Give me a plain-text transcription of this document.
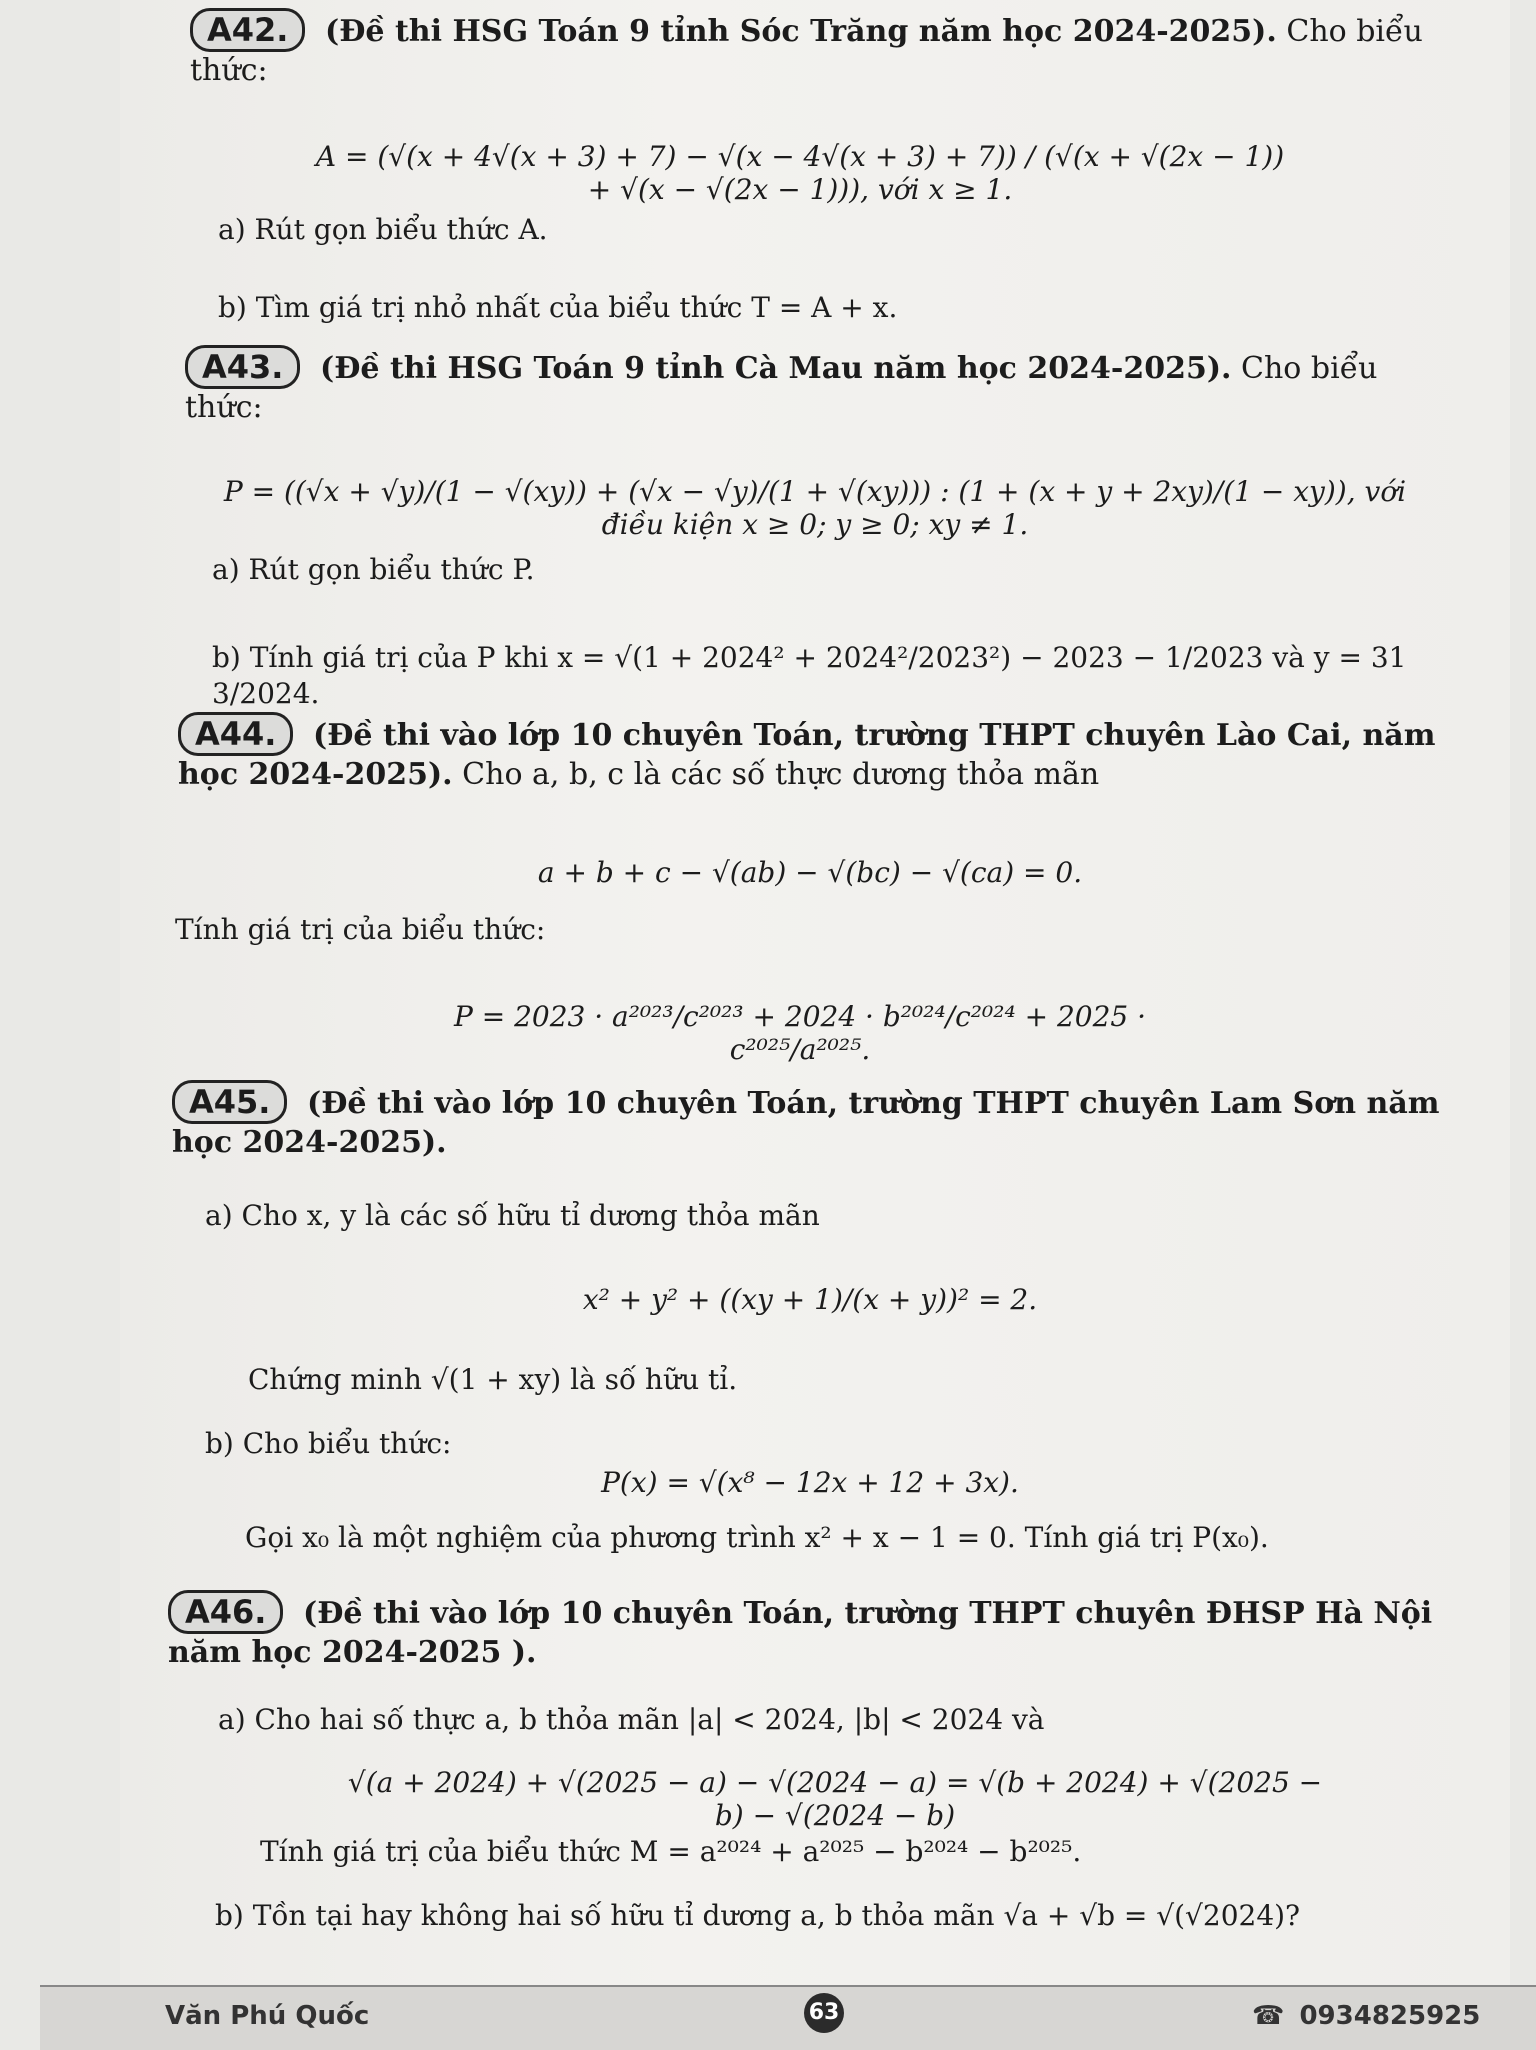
A42. (Đề thi HSG Toán 9 tỉnh Sóc Trăng năm học 2024-2025). Cho biểu thức:
A = (√(x + 4√(x + 3) + 7) − √(x − 4√(x + 3) + 7)) / (√(x + √(2x − 1)) + √(x − √(2x − 1))), với x ≥ 1.
a) Rút gọn biểu thức A.
b) Tìm giá trị nhỏ nhất của biểu thức T = A + x.
A43. (Đề thi HSG Toán 9 tỉnh Cà Mau năm học 2024-2025). Cho biểu thức:
P = ((√x + √y)/(1 − √(xy)) + (√x − √y)/(1 + √(xy))) : (1 + (x + y + 2xy)/(1 − xy)), với điều kiện x ≥ 0; y ≥ 0; xy ≠ 1.
a) Rút gọn biểu thức P.
b) Tính giá trị của P khi x = √(1 + 2024² + 2024²/2023²) − 2023 − 1/2023 và y = 31 3/2024.
A44. (Đề thi vào lớp 10 chuyên Toán, trường THPT chuyên Lào Cai, năm học 2024-2025). Cho a, b, c là các số thực dương thỏa mãn
a + b + c − √(ab) − √(bc) − √(ca) = 0.
Tính giá trị của biểu thức:
P = 2023 · a²⁰²³/c²⁰²³ + 2024 · b²⁰²⁴/c²⁰²⁴ + 2025 · c²⁰²⁵/a²⁰²⁵.
A45. (Đề thi vào lớp 10 chuyên Toán, trường THPT chuyên Lam Sơn năm học 2024-2025).
a) Cho x, y là các số hữu tỉ dương thỏa mãn
x² + y² + ((xy + 1)/(x + y))² = 2.
Chứng minh √(1 + xy) là số hữu tỉ.
b) Cho biểu thức:
P(x) = √(x⁸ − 12x + 12 + 3x).
Gọi x₀ là một nghiệm của phương trình x² + x − 1 = 0. Tính giá trị P(x₀).
A46. (Đề thi vào lớp 10 chuyên Toán, trường THPT chuyên ĐHSP Hà Nội năm học 2024-2025 ).
a) Cho hai số thực a, b thỏa mãn |a| < 2024, |b| < 2024 và
√(a + 2024) + √(2025 − a) − √(2024 − a) = √(b + 2024) + √(2025 − b) − √(2024 − b)
Tính giá trị của biểu thức M = a²⁰²⁴ + a²⁰²⁵ − b²⁰²⁴ − b²⁰²⁵.
b) Tồn tại hay không hai số hữu tỉ dương a, b thỏa mãn √a + √b = √(√2024)?
Văn Phú Quốc	63	☎ 0934825925
